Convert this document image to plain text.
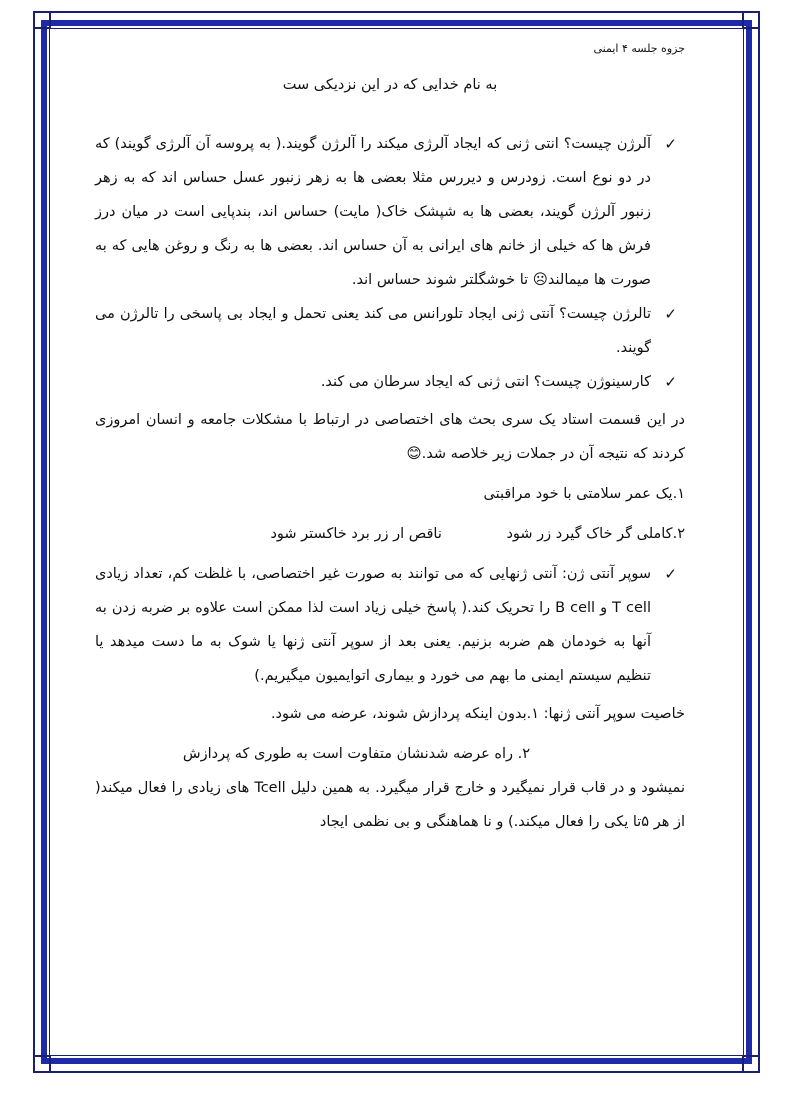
جزوه جلسه ۴ ایمنی
به نام خدایی که در این نزدیکی ست
✓
آلرژن چیست؟ انتی ژنی که ایجاد آلرژی میکند را آلرژن گویند.( به پروسه آن آلرژی گویند) که در دو نوع است. زودرس و دیررس مثلا بعضی ها به زهر زنبور عسل حساس اند که به زهر زنبور آلرژن گویند، بعضی ها به شپشک خاک( مایت) حساس اند، بندپایی است در میان درز فرش ها که خیلی از خانم های ایرانی به آن حساس اند. بعضی ها به رنگ و روغن هایی که به صورت ها میمالند☹ تا خوشگلتر شوند حساس اند.
✓
تالرژن چیست؟ آنتی ژنی ایجاد تلورانس می کند یعنی تحمل و ایجاد بی پاسخی را تالرژن می گویند.
✓
کارسینوژن چیست؟ انتی ژنی که ایجاد سرطان می کند.
در این قسمت استاد یک سری بحث های اختصاصی در ارتباط با مشکلات جامعه و انسان امروزی کردند که نتیجه آن در جملات زیر خلاصه شد.😊
۱.یک عمر سلامتی با خود مراقبتی
۲.کاملی گر خاک گیرد زر شود ناقص ار زر برد خاکستر شود
✓
سوپر آنتی ژن: آنتی ژنهایی که می توانند به صورت غیر اختصاصی، با غلظت کم، تعداد زیادی T cell و B cell را تحریک کند.( پاسخ خیلی زیاد است لذا ممکن است علاوه بر ضربه زدن به آنها به خودمان هم ضربه بزنیم. یعنی بعد از سوپر آنتی ژنها یا شوک به ما دست میدهد یا تنظیم سیستم ایمنی ما بهم می خورد و بیماری اتوایمیون میگیریم.)
خاصیت سوپر آنتی ژنها: ۱.بدون اینکه پردازش شوند، عرضه می شود.
۲. راه عرضه شدنشان متفاوت است به طوری که پردازش
نمیشود و در قاب قرار نمیگیرد و خارج قرار میگیرد. به همین دلیل Tcell های زیادی را فعال میکند( از هر ۵تا یکی را فعال میکند.) و نا هماهنگی و بی نظمی ایجاد
